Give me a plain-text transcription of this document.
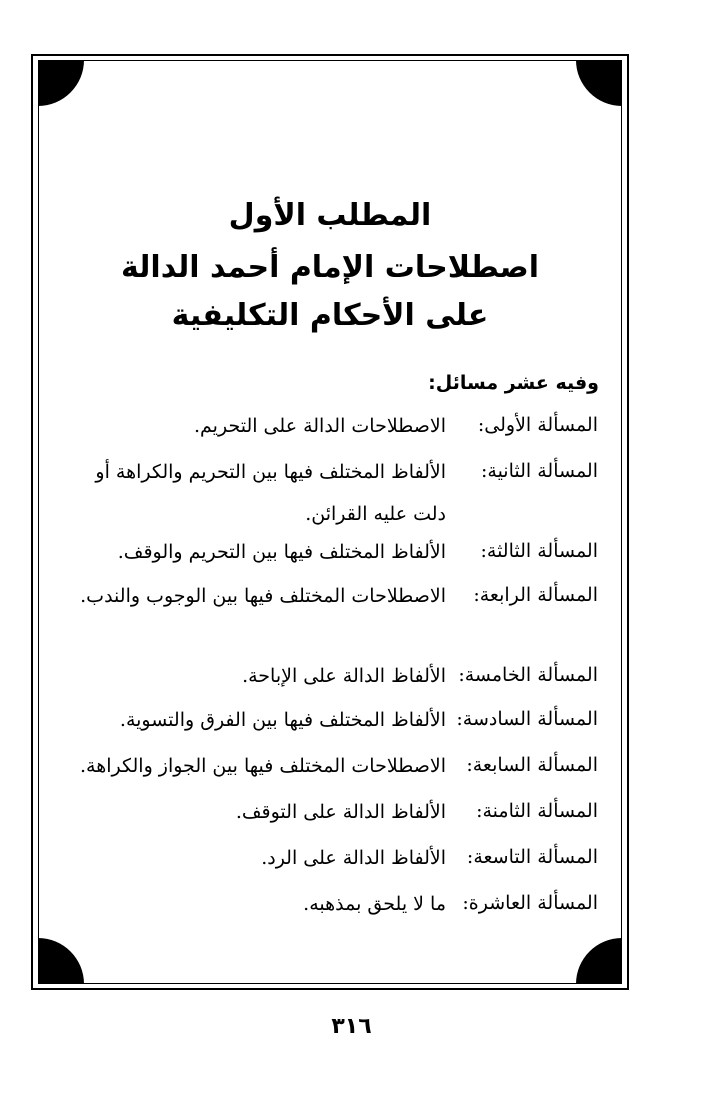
المطلب الأول
اصطلاحات الإمام أحمد الدالة
على الأحكام التكليفية
وفيه عشر مسائل:
المسألة الأولى:
الاصطلاحات الدالة على التحريم.
المسألة الثانية:
الألفاظ المختلف فيها بين التحريم والكراهة أو دلت عليه القرائن.
المسألة الثالثة:
الألفاظ المختلف فيها بين التحريم والوقف.
المسألة الرابعة:
الاصطلاحات المختلف فيها بين الوجوب والندب.
المسألة الخامسة:
الألفاظ الدالة على الإباحة.
المسألة السادسة:
الألفاظ المختلف فيها بين الفرق والتسوية.
المسألة السابعة:
الاصطلاحات المختلف فيها بين الجواز والكراهة.
المسألة الثامنة:
الألفاظ الدالة على التوقف.
المسألة التاسعة:
الألفاظ الدالة على الرد.
المسألة العاشرة:
ما لا يلحق بمذهبه.
٣١٦
